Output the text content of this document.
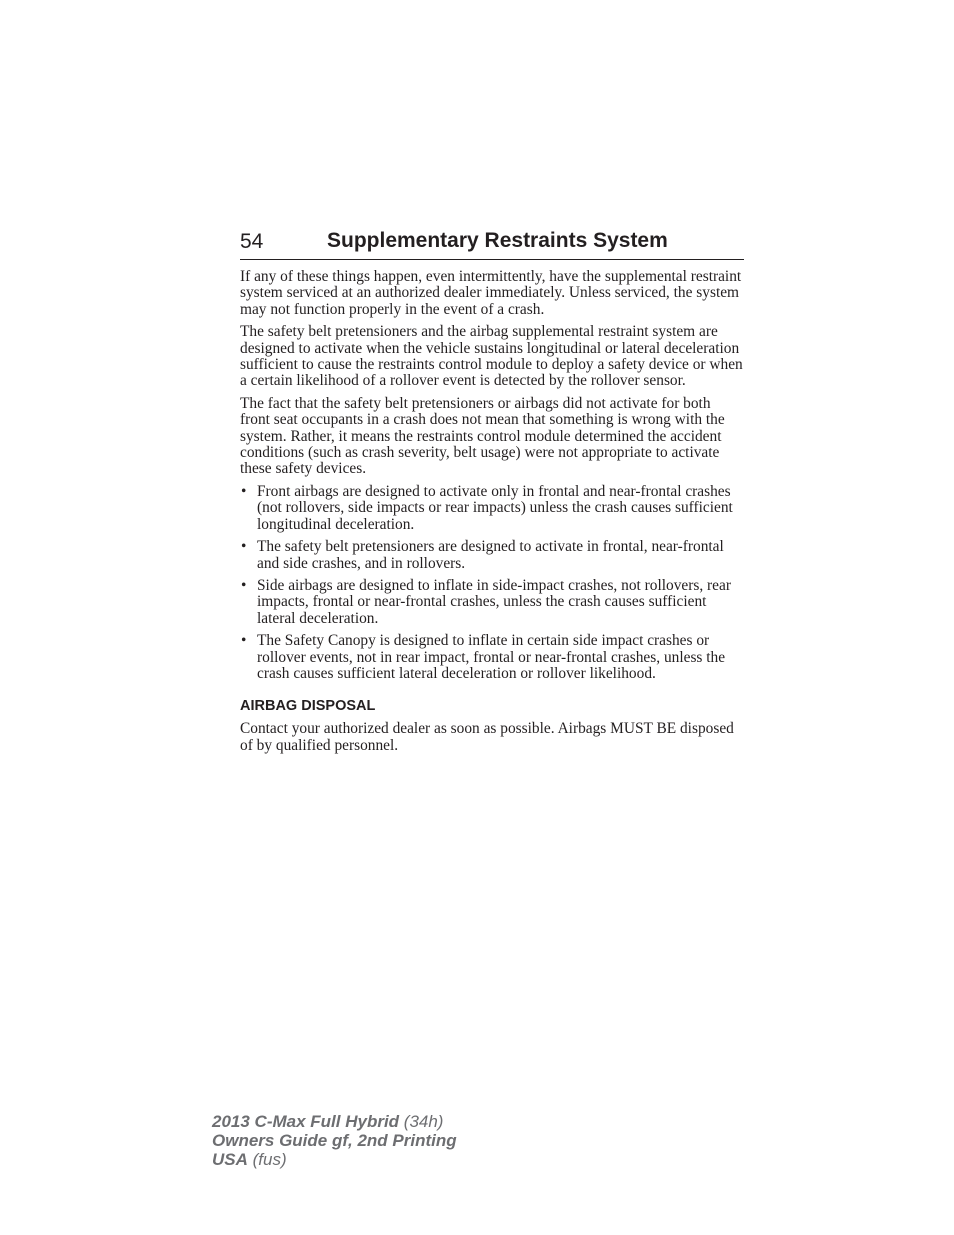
54	Supplementary Restraints System

If any of these things happen, even intermittently, have the supplemental restraint system serviced at an authorized dealer immediately. Unless serviced, the system may not function properly in the event of a crash.

The safety belt pretensioners and the airbag supplemental restraint system are designed to activate when the vehicle sustains longitudinal or lateral deceleration sufficient to cause the restraints control module to deploy a safety device or when a certain likelihood of a rollover event is detected by the rollover sensor.

The fact that the safety belt pretensioners or airbags did not activate for both front seat occupants in a crash does not mean that something is wrong with the system. Rather, it means the restraints control module determined the accident conditions (such as crash severity, belt usage) were not appropriate to activate these safety devices.

• Front airbags are designed to activate only in frontal and near-frontal crashes (not rollovers, side impacts or rear impacts) unless the crash causes sufficient longitudinal deceleration.
• The safety belt pretensioners are designed to activate in frontal, near-frontal and side crashes, and in rollovers.
• Side airbags are designed to inflate in side-impact crashes, not rollovers, rear impacts, frontal or near-frontal crashes, unless the crash causes sufficient lateral deceleration.
• The Safety Canopy is designed to inflate in certain side impact crashes or rollover events, not in rear impact, frontal or near-frontal crashes, unless the crash causes sufficient lateral deceleration or rollover likelihood.
AIRBAG DISPOSAL

Contact your authorized dealer as soon as possible. Airbags MUST BE disposed of by qualified personnel.

2013 C-Max Full Hybrid (34h)
Owners Guide gf, 2nd Printing
USA (fus)
